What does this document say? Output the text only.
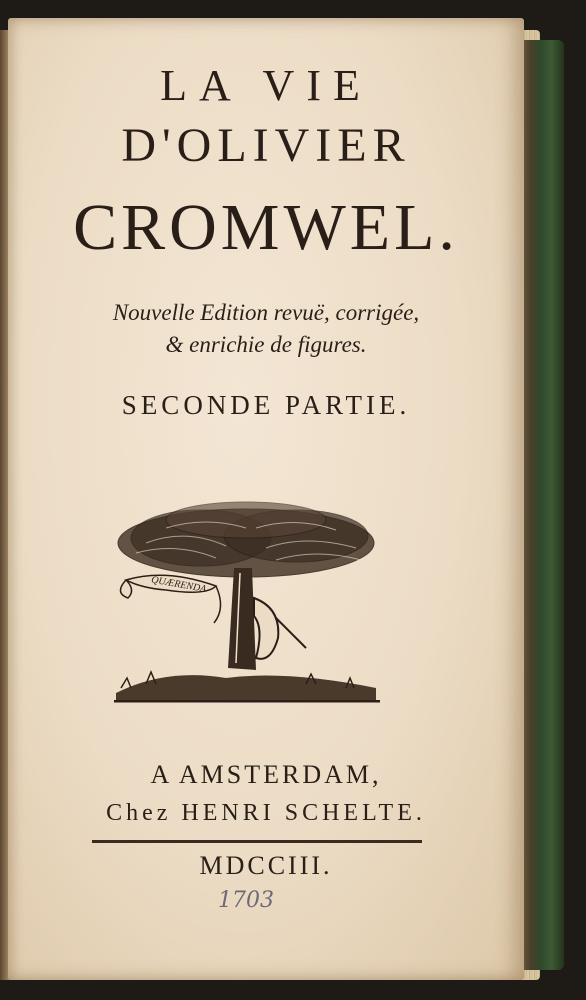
LA VIE
D'OLIVIER
CROMWEL.
Nouvelle Edition revuë, corrigée,
& enrichie de figures.
SECONDE PARTIE.
QUÆRENDA
A AMSTERDAM,
Chez HENRI SCHELTE.
MDCCIII.
1703
